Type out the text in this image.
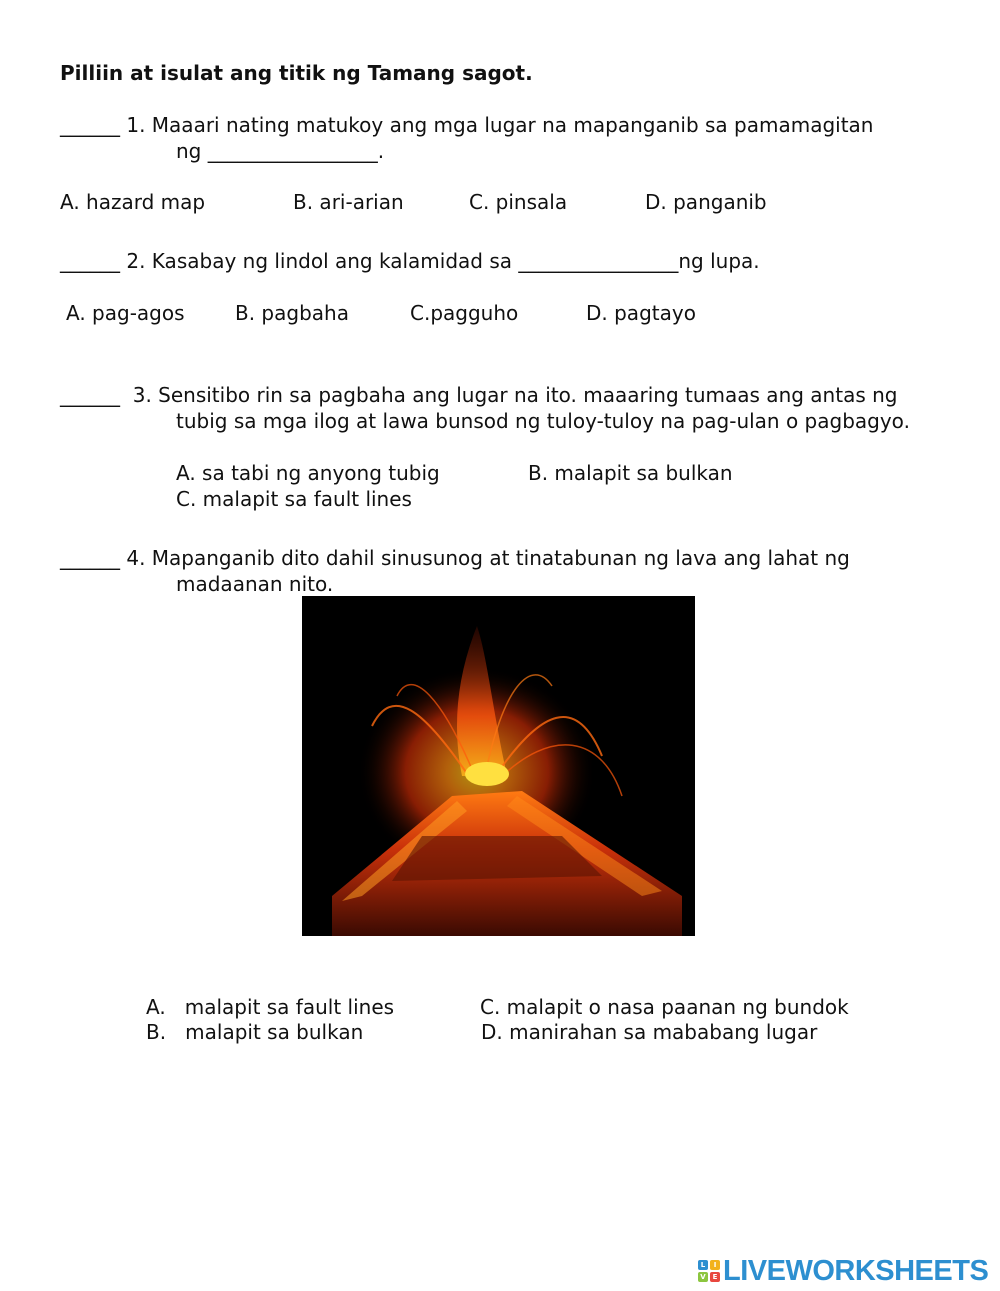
Pilliin at isulat ang titik ng Tamang sagot.
______ 1. Maaari nating matukoy ang mga lugar na mapanganib sa pamamagitan
ng _________________.
A. hazard map	B. ari-arian	C. pinsala	D. panganib
______ 2. Kasabay ng lindol ang kalamidad sa ________________ng lupa.
A. pag-agos	B. pagbaha	C.pagguho	D. pagtayo
______  3. Sensitibo rin sa pagbaha ang lugar na ito. maaaring tumaas ang antas ng
tubig sa mga ilog at lawa bunsod ng tuloy-tuloy na pag-ulan o pagbagyo.
A. sa tabi ng anyong tubig	B. malapit sa bulkan
C. malapit sa fault lines
______ 4. Mapanganib dito dahil sinusunog at tinatabunan ng lava ang lahat ng
madaanan nito.
A.   malapit sa fault lines	C. malapit o nasa paanan ng bundok
B.   malapit sa bulkan	D. manirahan sa mababang lugar
L	I
V E LIVEWORKSHEETS
